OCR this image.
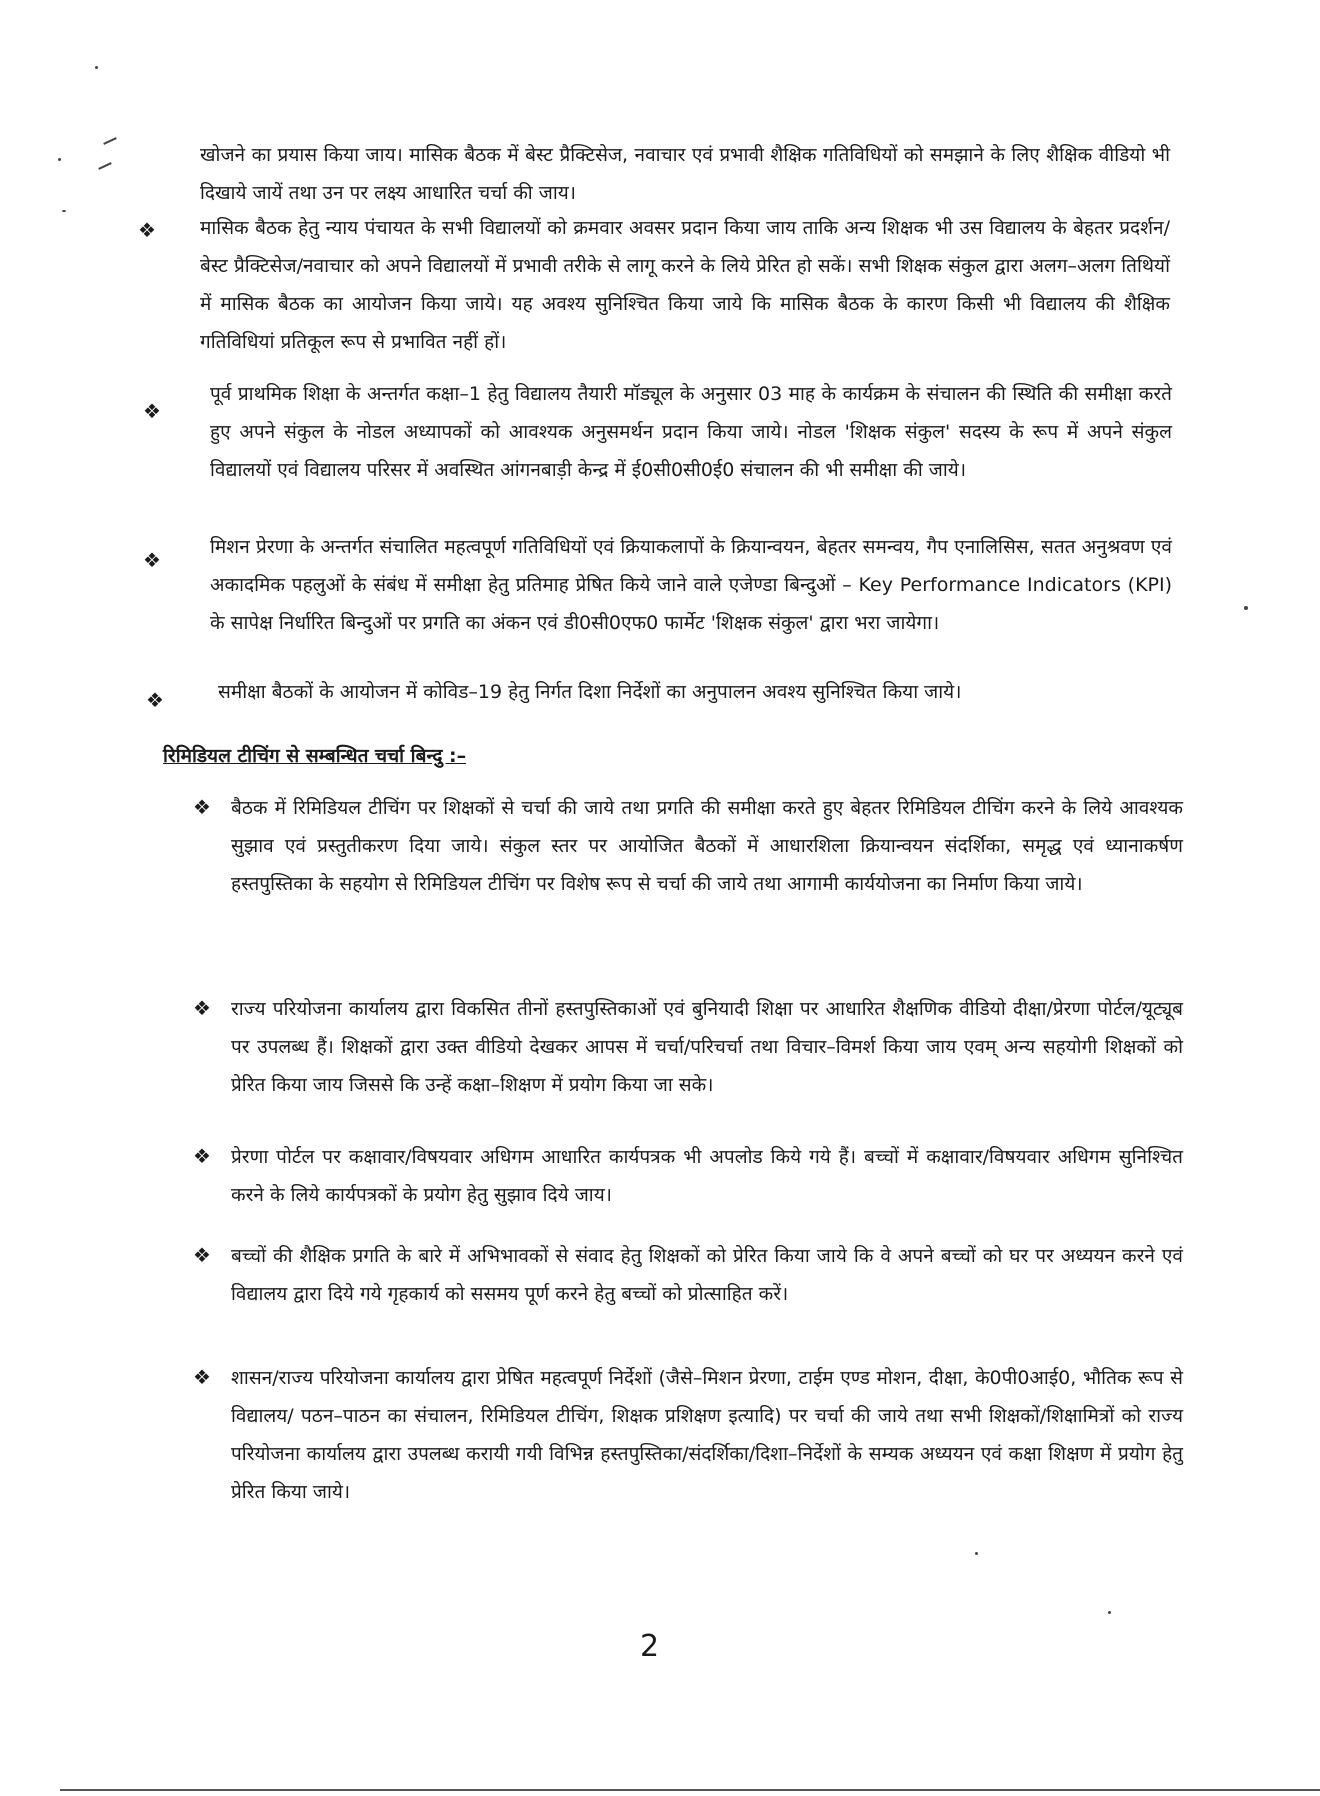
खोजने का प्रयास किया जाय। मासिक बैठक में बेस्ट प्रैक्टिसेज, नवाचार एवं प्रभावी शैक्षिक गतिविधियों को समझाने के लिए शैक्षिक वीडियो भी दिखाये जायें तथा उन पर लक्ष्य आधारित चर्चा की जाय।

❖ मासिक बैठक हेतु न्याय पंचायत के सभी विद्यालयों को क्रमवार अवसर प्रदान किया जाय ताकि अन्य शिक्षक भी उस विद्यालय के बेहतर प्रदर्शन/बेस्ट प्रैक्टिसेज/नवाचार को अपने विद्यालयों में प्रभावी तरीके से लागू करने के लिये प्रेरित हो सकें। सभी शिक्षक संकुल द्वारा अलग–अलग तिथियों में मासिक बैठक का आयोजन किया जाये। यह अवश्य सुनिश्चित किया जाये कि मासिक बैठक के कारण किसी भी विद्यालय की शैक्षिक गतिविधियां प्रतिकूल रूप से प्रभावित नहीं हों।

❖

पूर्व प्राथमिक शिक्षा के अन्तर्गत कक्षा–1 हेतु विद्यालय तैयारी मॉड्यूल के अनुसार 03 माह के कार्यक्रम के संचालन की स्थिति की समीक्षा करते हुए अपने संकुल के नोडल अध्यापकों को आवश्यक अनुसमर्थन प्रदान किया जाये। नोडल 'शिक्षक संकुल' सदस्य के रूप में अपने संकुल विद्यालयों एवं विद्यालय परिसर में अवस्थित आंगनबाड़ी केन्द्र में ई0सी0सी0ई0 संचालन की भी समीक्षा की जाये।

❖

मिशन प्रेरणा के अन्तर्गत संचालित महत्वपूर्ण गतिविधियों एवं क्रियाकलापों के क्रियान्वयन, बेहतर समन्वय, गैप एनालिसिस, सतत अनुश्रवण एवं अकादमिक पहलुओं के संबंध में समीक्षा हेतु प्रतिमाह प्रेषित किये जाने वाले एजेण्डा बिन्दुओं – Key Performance Indicators (KPI) के सापेक्ष निर्धारित बिन्दुओं पर प्रगति का अंकन एवं डी0सी0एफ0 फार्मेट 'शिक्षक संकुल' द्वारा भरा जायेगा।

❖	समीक्षा बैठकों के आयोजन में कोविड–19 हेतु निर्गत दिशा निर्देशों का अनुपालन अवश्य सुनिश्चित किया जाये।

रिमिडियल टीचिंग से सम्बन्धित चर्चा बिन्दु :–

❖	बैठक में रिमिडियल टीचिंग पर शिक्षकों से चर्चा की जाये तथा प्रगति की समीक्षा करते हुए बेहतर रिमिडियल टीचिंग करने के लिये आवश्यक सुझाव एवं प्रस्तुतीकरण दिया जाये। संकुल स्तर पर आयोजित बैठकों में आधारशिला क्रियान्वयन संदर्शिका, समृद्ध एवं ध्यानाकर्षण हस्तपुस्तिका के सहयोग से रिमिडियल टीचिंग पर विशेष रूप से चर्चा की जाये तथा आगामी कार्ययोजना का निर्माण किया जाये।

❖	राज्य परियोजना कार्यालय द्वारा विकसित तीनों हस्तपुस्तिकाओं एवं बुनियादी शिक्षा पर आधारित शैक्षणिक वीडियो दीक्षा/प्रेरणा पोर्टल/यूट्यूब पर उपलब्ध हैं। शिक्षकों द्वारा उक्त वीडियो देखकर आपस में चर्चा/परिचर्चा तथा विचार–विमर्श किया जाय एवम् अन्य सहयोगी शिक्षकों को प्रेरित किया जाय जिससे कि उन्हें कक्षा–शिक्षण में प्रयोग किया जा सके।

❖	प्रेरणा पोर्टल पर कक्षावार/विषयवार अधिगम आधारित कार्यपत्रक भी अपलोड किये गये हैं। बच्चों में कक्षावार/विषयवार अधिगम सुनिश्चित करने के लिये कार्यपत्रकों के प्रयोग हेतु सुझाव दिये जाय।

❖	बच्चों की शैक्षिक प्रगति के बारे में अभिभावकों से संवाद हेतु शिक्षकों को प्रेरित किया जाये कि वे अपने बच्चों को घर पर अध्ययन करने एवं विद्यालय द्वारा दिये गये गृहकार्य को ससमय पूर्ण करने हेतु बच्चों को प्रोत्साहित करें।

❖	शासन/राज्य परियोजना कार्यालय द्वारा प्रेषित महत्वपूर्ण निर्देशों (जैसे–मिशन प्रेरणा, टाईम एण्ड मोशन, दीक्षा, के0पी0आई0, भौतिक रूप से विद्यालय/ पठन–पाठन का संचालन, रिमिडियल टीचिंग, शिक्षक प्रशिक्षण इत्यादि) पर चर्चा की जाये तथा सभी शिक्षकों/शिक्षामित्रों को राज्य परियोजना कार्यालय द्वारा उपलब्ध करायी गयी विभिन्न हस्तपुस्तिका/संदर्शिका/दिशा–निर्देशों के सम्यक अध्ययन एवं कक्षा शिक्षण में प्रयोग हेतु प्रेरित किया जाये।

2
